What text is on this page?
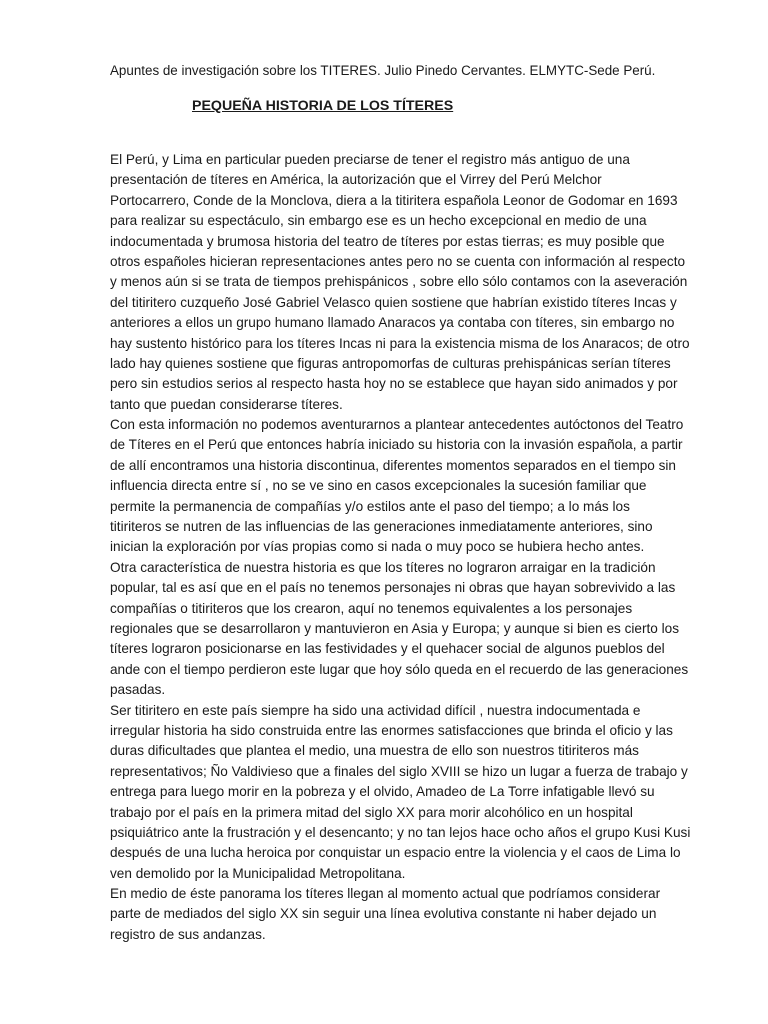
Apuntes de investigación sobre los TITERES. Julio Pinedo Cervantes. ELMYTC-Sede Perú.
PEQUEÑA HISTORIA DE LOS TÍTERES
El Perú, y Lima en particular pueden preciarse de tener el registro más antiguo de una
presentación de títeres en América, la autorización que el Virrey del Perú Melchor
Portocarrero, Conde de la Monclova, diera a la titiritera española Leonor de Godomar en 1693
para realizar su espectáculo, sin embargo ese es un hecho excepcional en medio de una
indocumentada y brumosa historia del teatro de títeres por estas tierras; es muy posible que
otros españoles hicieran representaciones antes pero no se cuenta con información al respecto
y menos aún si se trata de tiempos prehispánicos , sobre ello sólo contamos con la aseveración
del titiritero cuzqueño José Gabriel Velasco quien sostiene que habrían existido títeres Incas y
anteriores a ellos un grupo humano llamado Anaracos ya contaba con títeres, sin embargo no
hay sustento histórico para los títeres Incas ni para la existencia misma de los Anaracos; de otro
lado hay quienes sostiene que figuras antropomorfas de culturas prehispánicas serían títeres
pero sin estudios serios al respecto hasta hoy no se establece que hayan sido animados y por
tanto que puedan considerarse títeres.
Con esta información no podemos aventurarnos a plantear antecedentes autóctonos del Teatro
de Títeres en el Perú que entonces habría iniciado su historia con la invasión española, a partir
de allí encontramos una historia discontinua, diferentes momentos separados en el tiempo sin
influencia directa entre sí , no se ve sino en casos excepcionales la sucesión familiar que
permite la permanencia de compañías y/o estilos ante el paso del tiempo; a lo más los
titiriteros se nutren de las influencias de las generaciones inmediatamente anteriores, sino
inician la exploración por vías propias como si nada o muy poco se hubiera hecho antes.
Otra característica de nuestra historia es que los títeres no lograron arraigar en la tradición
popular, tal es así que en el país no tenemos personajes ni obras que hayan sobrevivido a las
compañías o titiriteros que los crearon, aquí no tenemos equivalentes a los personajes
regionales que se desarrollaron y mantuvieron en Asia y Europa; y aunque si bien es cierto los
títeres lograron posicionarse en las festividades y el quehacer social de algunos pueblos del
ande con el tiempo perdieron este lugar que hoy sólo queda en el recuerdo de las generaciones
pasadas.
Ser titiritero en este país siempre ha sido una actividad difícil , nuestra indocumentada e
irregular historia ha sido construida entre las enormes satisfacciones que brinda el oficio y las
duras dificultades que plantea el medio, una muestra de ello son nuestros titiriteros más
representativos; Ño Valdivieso que a finales del siglo XVIII se hizo un lugar a fuerza de trabajo y
entrega para luego morir en la pobreza y el olvido, Amadeo de La Torre infatigable llevó su
trabajo por el país en la primera mitad del siglo XX para morir alcohólico en un hospital
psiquiátrico ante la frustración y el desencanto; y no tan lejos hace ocho años el grupo Kusi Kusi
después de una lucha heroica por conquistar un espacio entre la violencia y el caos de Lima lo
ven demolido por la Municipalidad Metropolitana.
En medio de éste panorama los títeres llegan al momento actual que podríamos considerar
parte de mediados del siglo XX sin seguir una línea evolutiva constante ni haber dejado un
registro de sus andanzas.
